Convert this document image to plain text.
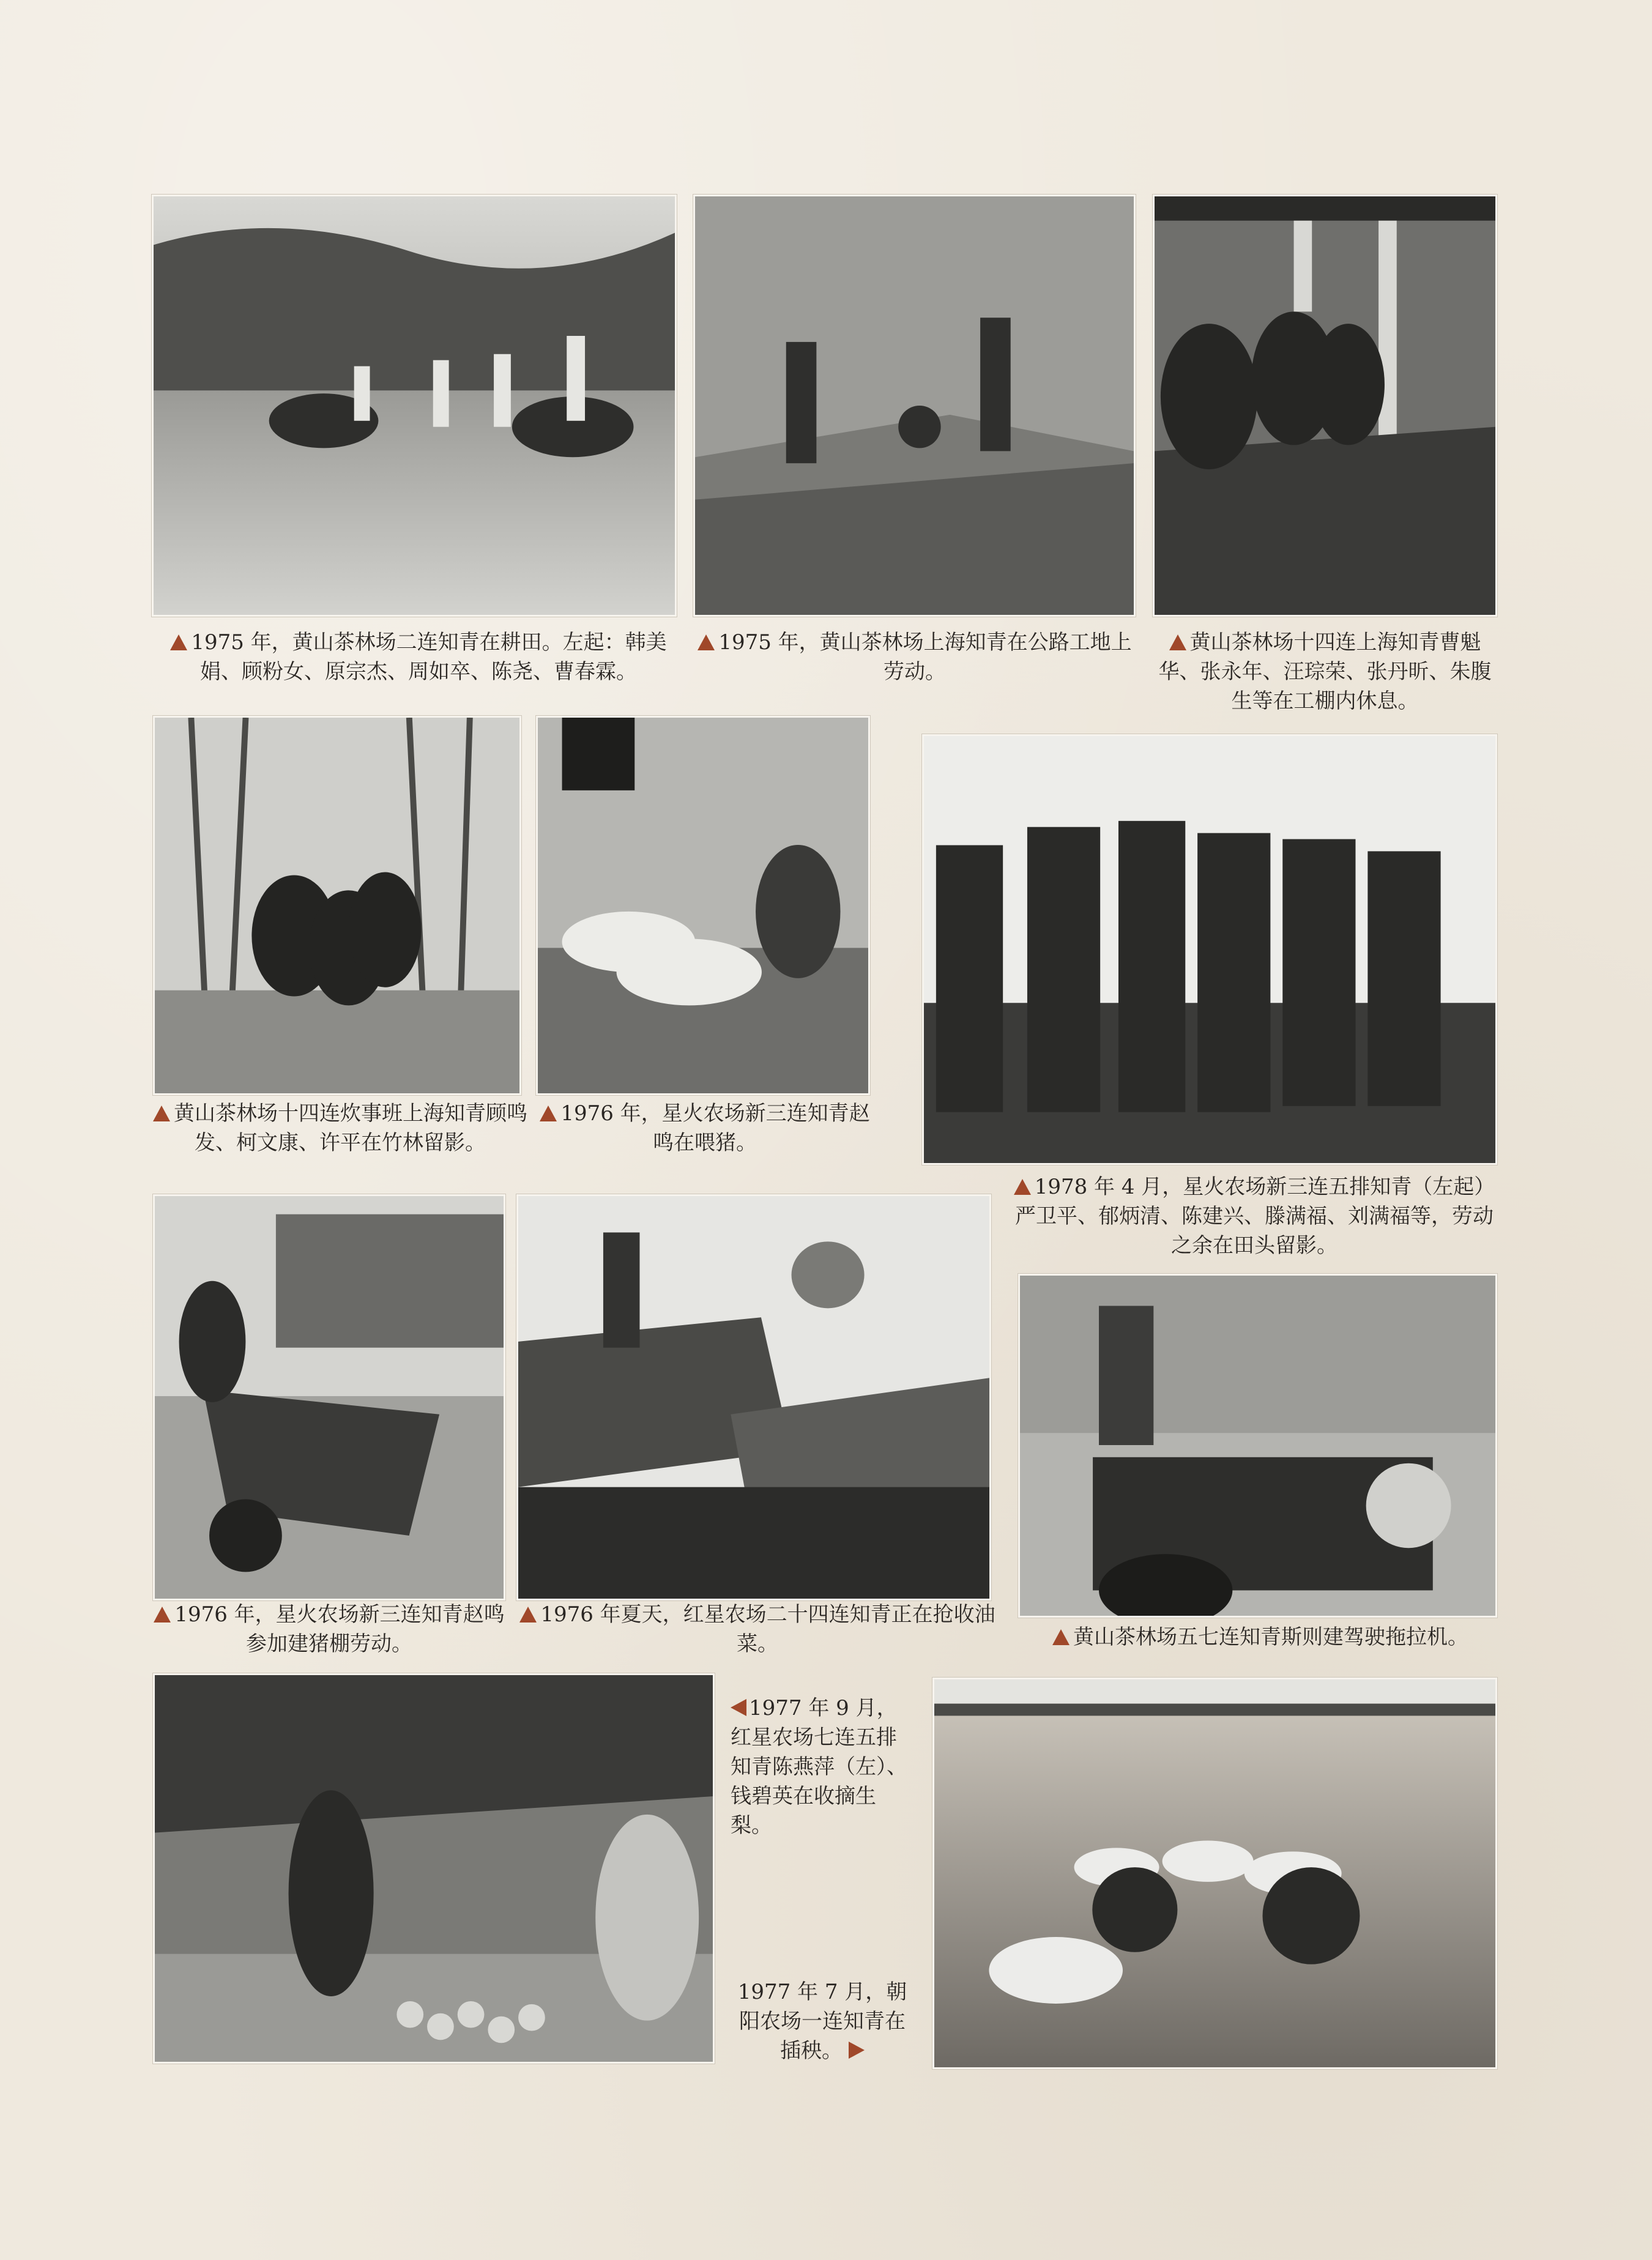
1975 年，黄山茶林场二连知青在耕田。左起：韩美娟、顾粉女、原宗杰、周如卒、陈尧、曹春霖。

1975 年，黄山茶林场上海知青在公路工地上劳动。

黄山茶林场十四连上海知青曹魁华、张永年、汪琮荣、张丹昕、朱腹生等在工棚内休息。

黄山茶林场十四连炊事班上海知青顾鸣发、柯文康、许平在竹林留影。

1976 年，星火农场新三连知青赵鸣在喂猪。

1978 年 4 月，星火农场新三连五排知青（左起）严卫平、郁炳清、陈建兴、滕满福、刘满福等，劳动之余在田头留影。

1976 年，星火农场新三连知青赵鸣参加建猪棚劳动。

1976 年夏天，红星农场二十四连知青正在抢收油菜。	黄山茶林场五七连知青斯则建驾驶拖拉机。

1977 年 9 月，红星农场七连五排知青陈燕萍（左）、钱碧英在收摘生梨。

1977 年 7 月，朝阳农场一连知青在插秧。
